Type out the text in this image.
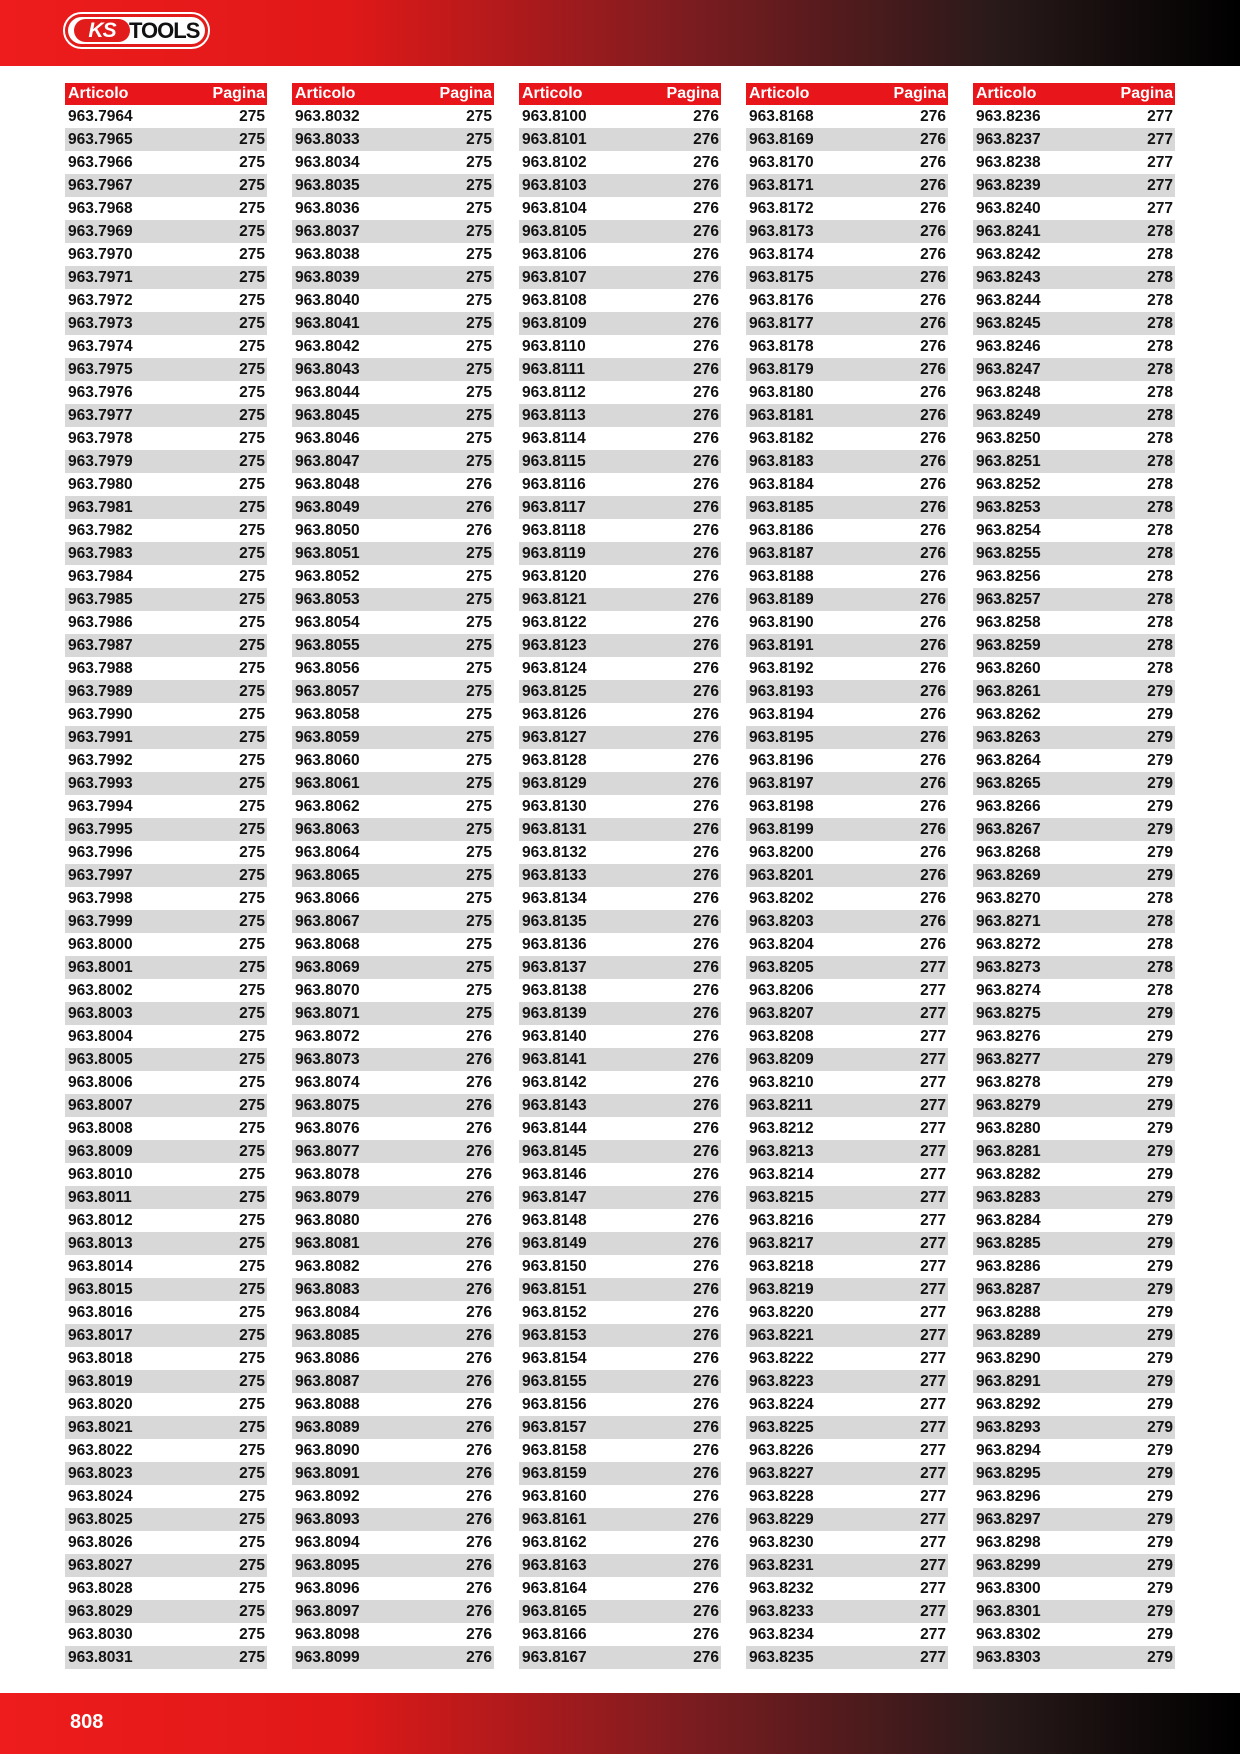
KS TOOLS
Articolo	Pagina
963.7964	275
963.7965	275
963.7966	275
963.7967	275
963.7968	275
963.7969	275
963.7970	275
963.7971	275
963.7972	275
963.7973	275
963.7974	275
963.7975	275
963.7976	275
963.7977	275
963.7978	275
963.7979	275
963.7980	275
963.7981	275
963.7982	275
963.7983	275
963.7984	275
963.7985	275
963.7986	275
963.7987	275
963.7988	275
963.7989	275
963.7990	275
963.7991	275
963.7992	275
963.7993	275
963.7994	275
963.7995	275
963.7996	275
963.7997	275
963.7998	275
963.7999	275
963.8000	275
963.8001	275
963.8002	275
963.8003	275
963.8004	275
963.8005	275
963.8006	275
963.8007	275
963.8008	275
963.8009	275
963.8010	275
963.8011	275
963.8012	275
963.8013	275
963.8014	275
963.8015	275
963.8016	275
963.8017	275
963.8018	275
963.8019	275
963.8020	275
963.8021	275
963.8022	275
963.8023	275
963.8024	275
963.8025	275
963.8026	275
963.8027	275
963.8028	275
963.8029	275
963.8030	275
963.8031	275
Articolo	Pagina
963.8032	275
963.8033	275
963.8034	275
963.8035	275
963.8036	275
963.8037	275
963.8038	275
963.8039	275
963.8040	275
963.8041	275
963.8042	275
963.8043	275
963.8044	275
963.8045	275
963.8046	275
963.8047	275
963.8048	276
963.8049	276
963.8050	276
963.8051	275
963.8052	275
963.8053	275
963.8054	275
963.8055	275
963.8056	275
963.8057	275
963.8058	275
963.8059	275
963.8060	275
963.8061	275
963.8062	275
963.8063	275
963.8064	275
963.8065	275
963.8066	275
963.8067	275
963.8068	275
963.8069	275
963.8070	275
963.8071	275
963.8072	276
963.8073	276
963.8074	276
963.8075	276
963.8076	276
963.8077	276
963.8078	276
963.8079	276
963.8080	276
963.8081	276
963.8082	276
963.8083	276
963.8084	276
963.8085	276
963.8086	276
963.8087	276
963.8088	276
963.8089	276
963.8090	276
963.8091	276
963.8092	276
963.8093	276
963.8094	276
963.8095	276
963.8096	276
963.8097	276
963.8098	276
963.8099	276
Articolo	Pagina
963.8100	276
963.8101	276
963.8102	276
963.8103	276
963.8104	276
963.8105	276
963.8106	276
963.8107	276
963.8108	276
963.8109	276
963.8110	276
963.8111	276
963.8112	276
963.8113	276
963.8114	276
963.8115	276
963.8116	276
963.8117	276
963.8118	276
963.8119	276
963.8120	276
963.8121	276
963.8122	276
963.8123	276
963.8124	276
963.8125	276
963.8126	276
963.8127	276
963.8128	276
963.8129	276
963.8130	276
963.8131	276
963.8132	276
963.8133	276
963.8134	276
963.8135	276
963.8136	276
963.8137	276
963.8138	276
963.8139	276
963.8140	276
963.8141	276
963.8142	276
963.8143	276
963.8144	276
963.8145	276
963.8146	276
963.8147	276
963.8148	276
963.8149	276
963.8150	276
963.8151	276
963.8152	276
963.8153	276
963.8154	276
963.8155	276
963.8156	276
963.8157	276
963.8158	276
963.8159	276
963.8160	276
963.8161	276
963.8162	276
963.8163	276
963.8164	276
963.8165	276
963.8166	276
963.8167	276
Articolo	Pagina
963.8168	276
963.8169	276
963.8170	276
963.8171	276
963.8172	276
963.8173	276
963.8174	276
963.8175	276
963.8176	276
963.8177	276
963.8178	276
963.8179	276
963.8180	276
963.8181	276
963.8182	276
963.8183	276
963.8184	276
963.8185	276
963.8186	276
963.8187	276
963.8188	276
963.8189	276
963.8190	276
963.8191	276
963.8192	276
963.8193	276
963.8194	276
963.8195	276
963.8196	276
963.8197	276
963.8198	276
963.8199	276
963.8200	276
963.8201	276
963.8202	276
963.8203	276
963.8204	276
963.8205	277
963.8206	277
963.8207	277
963.8208	277
963.8209	277
963.8210	277
963.8211	277
963.8212	277
963.8213	277
963.8214	277
963.8215	277
963.8216	277
963.8217	277
963.8218	277
963.8219	277
963.8220	277
963.8221	277
963.8222	277
963.8223	277
963.8224	277
963.8225	277
963.8226	277
963.8227	277
963.8228	277
963.8229	277
963.8230	277
963.8231	277
963.8232	277
963.8233	277
963.8234	277
963.8235	277
Articolo	Pagina
963.8236	277
963.8237	277
963.8238	277
963.8239	277
963.8240	277
963.8241	278
963.8242	278
963.8243	278
963.8244	278
963.8245	278
963.8246	278
963.8247	278
963.8248	278
963.8249	278
963.8250	278
963.8251	278
963.8252	278
963.8253	278
963.8254	278
963.8255	278
963.8256	278
963.8257	278
963.8258	278
963.8259	278
963.8260	278
963.8261	279
963.8262	279
963.8263	279
963.8264	279
963.8265	279
963.8266	279
963.8267	279
963.8268	279
963.8269	279
963.8270	278
963.8271	278
963.8272	278
963.8273	278
963.8274	278
963.8275	279
963.8276	279
963.8277	279
963.8278	279
963.8279	279
963.8280	279
963.8281	279
963.8282	279
963.8283	279
963.8284	279
963.8285	279
963.8286	279
963.8287	279
963.8288	279
963.8289	279
963.8290	279
963.8291	279
963.8292	279
963.8293	279
963.8294	279
963.8295	279
963.8296	279
963.8297	279
963.8298	279
963.8299	279
963.8300	279
963.8301	279
963.8302	279
963.8303	279
808
